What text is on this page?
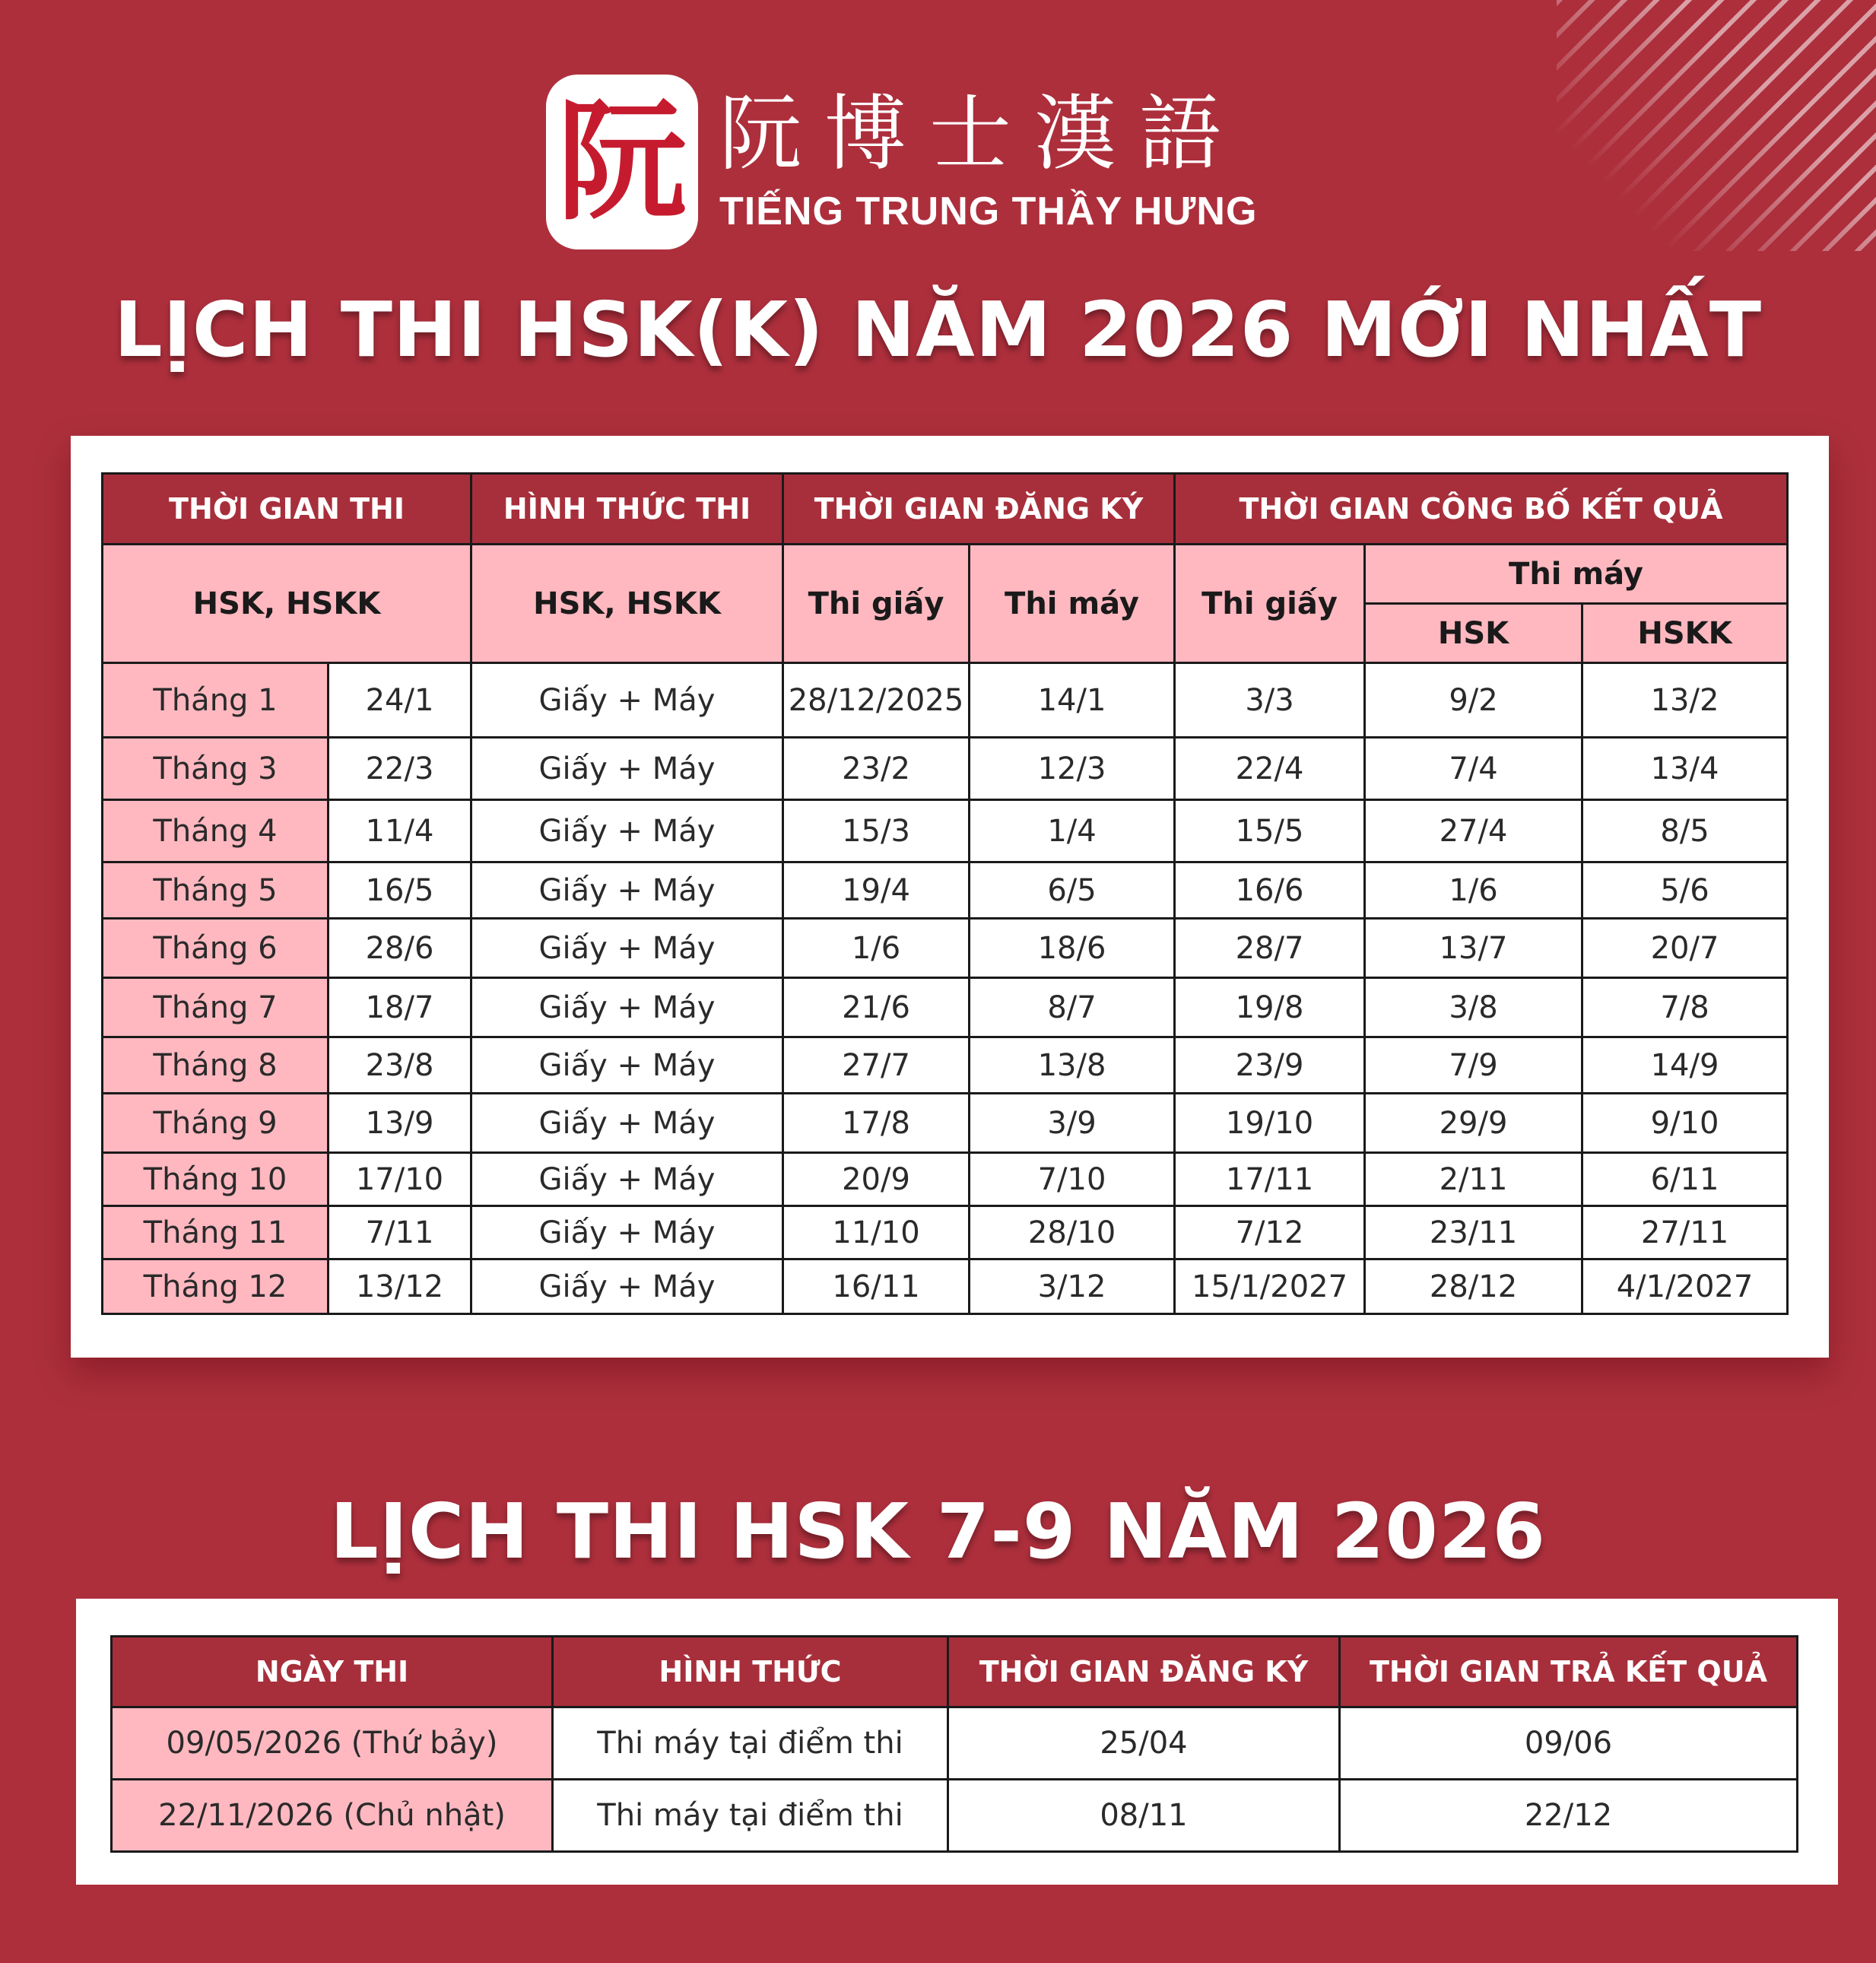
阮 阮博士漢語
TIẾNG TRUNG THẦY HƯNG
LỊCH THI HSK(K) NĂM 2026 MỚI NHẤT
THỜI GIAN THI		HÌNH THỨC THI	THỜI GIAN ĐĂNG KÝ		THỜI GIAN CÔNG BỐ KẾT QUẢ		
HSK, HSKK		HSK, HSKK	Thi giấy	Thi máy	Thi giấy	Thi máy	
						HSK	HSKK
Tháng 1	24/1	Giấy + Máy	28/12/2025	14/1	3/3	9/2	13/2
Tháng 3	22/3	Giấy + Máy	23/2	12/3	22/4	7/4	13/4
Tháng 4	11/4	Giấy + Máy	15/3	1/4	15/5	27/4	8/5
Tháng 5	16/5	Giấy + Máy	19/4	6/5	16/6	1/6	5/6
Tháng 6	28/6	Giấy + Máy	1/6	18/6	28/7	13/7	20/7
Tháng 7	18/7	Giấy + Máy	21/6	8/7	19/8	3/8	7/8
Tháng 8	23/8	Giấy + Máy	27/7	13/8	23/9	7/9	14/9
Tháng 9	13/9	Giấy + Máy	17/8	3/9	19/10	29/9	9/10
Tháng 10	17/10	Giấy + Máy	20/9	7/10	17/11	2/11	6/11
Tháng 11	7/11	Giấy + Máy	11/10	28/10	7/12	23/11	27/11
Tháng 12	13/12	Giấy + Máy	16/11	3/12	15/1/2027	28/12	4/1/2027
LỊCH THI HSK 7-9 NĂM 2026
NGÀY THI	HÌNH THỨC	THỜI GIAN ĐĂNG KÝ	THỜI GIAN TRẢ KẾT QUẢ
09/05/2026 (Thứ bảy)	Thi máy tại điểm thi	25/04	09/06
22/11/2026 (Chủ nhật)	Thi máy tại điểm thi	08/11	22/12
